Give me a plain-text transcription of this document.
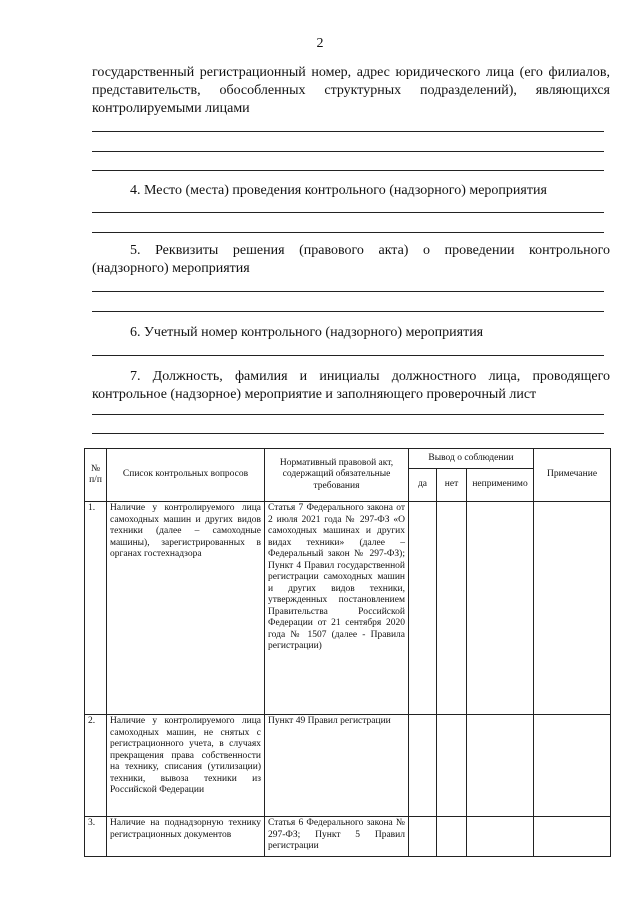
2
государственный регистрационный номер, адрес юридического лица (его филиалов, представительств, обособленных структурных подразделений), являющихся контролируемыми лицами
4. Место (места) проведения контрольного (надзорного) мероприятия
5. Реквизиты решения (правового акта) о проведении контрольного (надзорного) мероприятия
6. Учетный номер контрольного (надзорного) мероприятия
7. Должность, фамилия и инициалы должностного лица, проводящего контрольное (надзорное) мероприятие и заполняющего проверочный лист
№ п/п	Список контрольных вопросов	Нормативный правовой акт, содержащий обязательные требования	Вывод о соблюдении			Примечание
			да	нет	неприменимо	
1.	Наличие у контролируемого лица самоходных машин и других видов техники (далее – самоходные машины), зарегистрированных в органах гостехнадзора	Статья 7 Федерального закона от 2 июля 2021 года № 297-ФЗ «О самоходных машинах и других видах техники» (далее – Федеральный закон № 297-ФЗ); Пункт 4 Правил государственной регистрации самоходных машин и других видов техники, утвержденных постановлением Правительства Российской Федерации от 21 сентября 2020 года № 1507 (далее - Правила регистрации)				
2.	Наличие у контролируемого лица самоходных машин, не снятых с регистрационного учета, в случаях прекращения права собственности на технику, списания (утилизации) техники, вывоза техники из Российской Федерации	Пункт 49 Правил регистрации				
3.	Наличие на поднадзорную технику регистрационных документов	Статья 6 Федерального закона № 297-ФЗ; Пункт 5 Правил регистрации				
